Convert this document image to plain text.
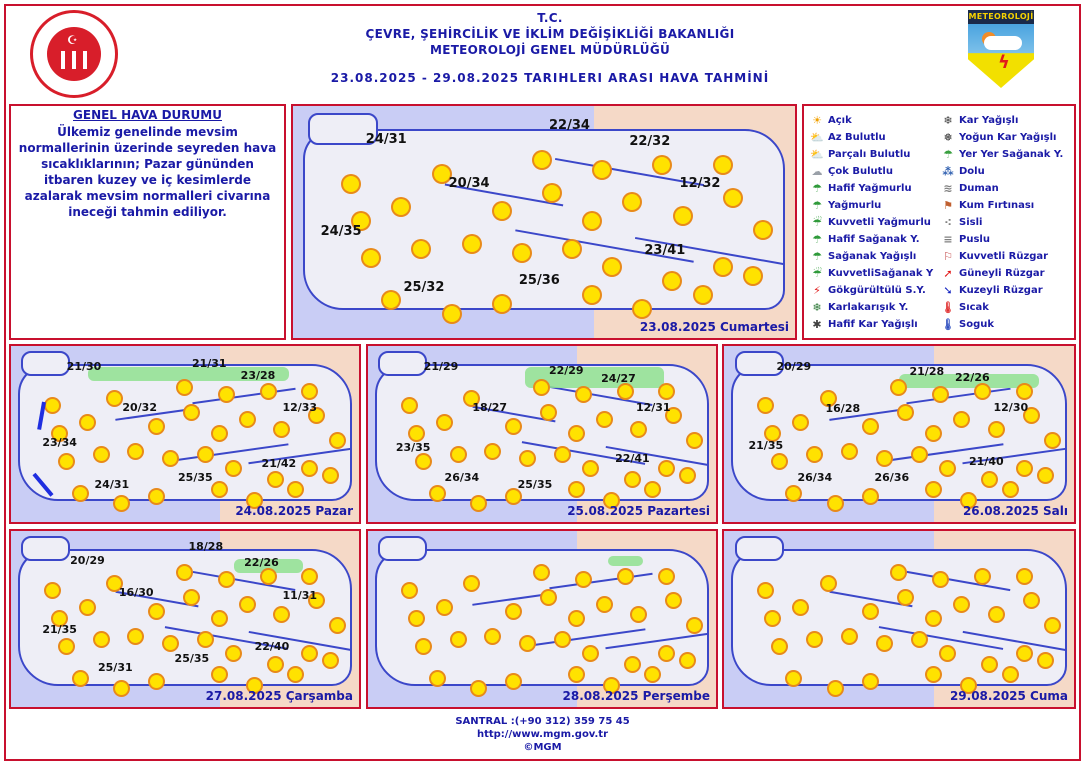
☪
T.C.
ÇEVRE, ŞEHİRCİLİK VE İKLİM DEĞİŞİKLİĞİ BAKANLIĞI
METEOROLOJİ GENEL MÜDÜRLÜĞÜ
23.08.2025 - 29.08.2025 TARIHLERI ARASI HAVA TAHMİNİ
METEOROLOJİ
ϟ
GENEL HAVA DURUMU

Ülkemiz genelinde mevsim normallerinin üzerinde seyreden hava sıcaklıklarının; Pazar gününden itbaren kuzey ve iç kesimlerde azalarak mevsim normalleri civarına ineceği tahmin ediliyor.

☀ Açık
⛅ Az Bulutlu
⛅ Parçalı Bulutlu
☁ Çok Bulutlu
☂ Hafif Yağmurlu
☂ Yağmurlu
☔ Kuvvetli Yağmurlu
☂ Hafif Sağanak Y.
☂ Sağanak Yağışlı
☔ KuvvetliSağanak Y
⚡ Gökgürültülü S.Y.
❄ Karlakarışık Y.
✱ Hafif Kar Yağışlı
❄ Kar Yağışlı
❅ Yoğun Kar Yağışlı
☂ Yer Yer Sağanak Y.
⁂ Dolu
≋ Duman
⚑ Kum Fırtınası
⁖ Sisli
≡ Puslu
⚐ Kuvvetli Rüzgar
➚ Güneyli Rüzgar
➘ Kuzeyli Rüzgar
🌡 Sıcak
🌡 Soguk
24/31
22/34
22/32
20/34	12/32
24/35
23/41
25/32	25/36
23.08.2025 Cumartesi
21/30	21/31
23/28
20/32	12/33
23/34
21/42
24/31
25/35
24.08.2025 Pazar
21/29	22/29
24/27
18/27	12/31
23/35
22/41
26/34
25/35
25.08.2025 Pazartesi
20/29	21/28 22/26
16/28	12/30
21/35
21/40
26/34	26/36
26.08.2025 Salı
20/29
18/28
22/26
16/30	11/31
21/35
22/40
25/31
25/35
27.08.2025 Çarşamba	28.08.2025 Perşembe	29.08.2025 Cuma
SANTRAL :(+90 312) 359 75 45
http://www.mgm.gov.tr
©MGM
